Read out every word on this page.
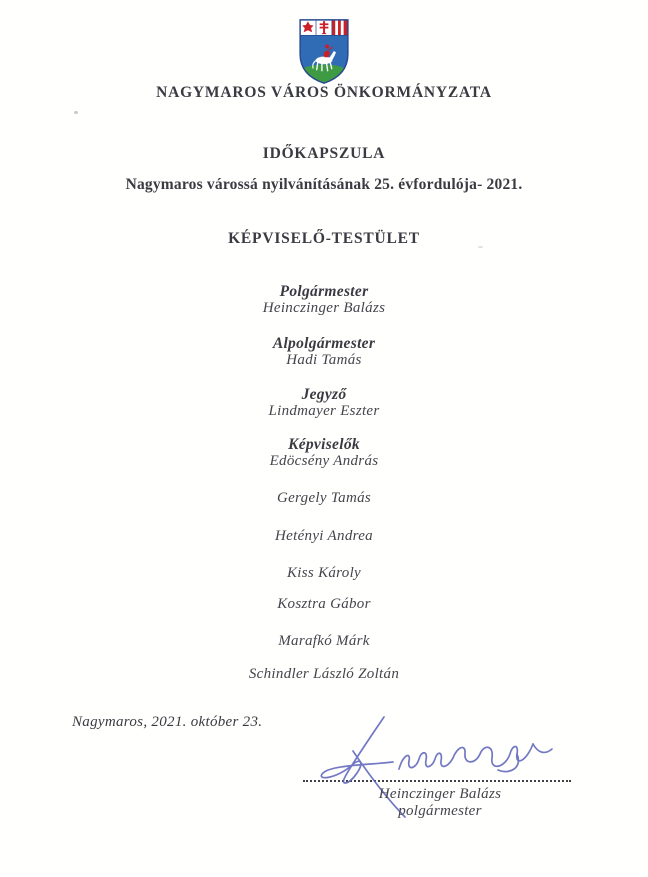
NAGYMAROS VÁROS ÖNKORMÁNYZATA
IDŐKAPSZULA
Nagymaros várossá nyilvánításának 25. évfordulója- 2021.
KÉPVISELŐ-TESTÜLET
Polgármester
Heinczinger Balázs
Alpolgármester
Hadi Tamás
Jegyző
Lindmayer Eszter
Képviselők
Edöcsény András
Gergely Tamás
Hetényi Andrea
Kiss Károly
Kosztra Gábor
Marafkó Márk
Schindler László Zoltán
Nagymaros, 2021. október 23.
Heinczinger Balázs
polgármester
